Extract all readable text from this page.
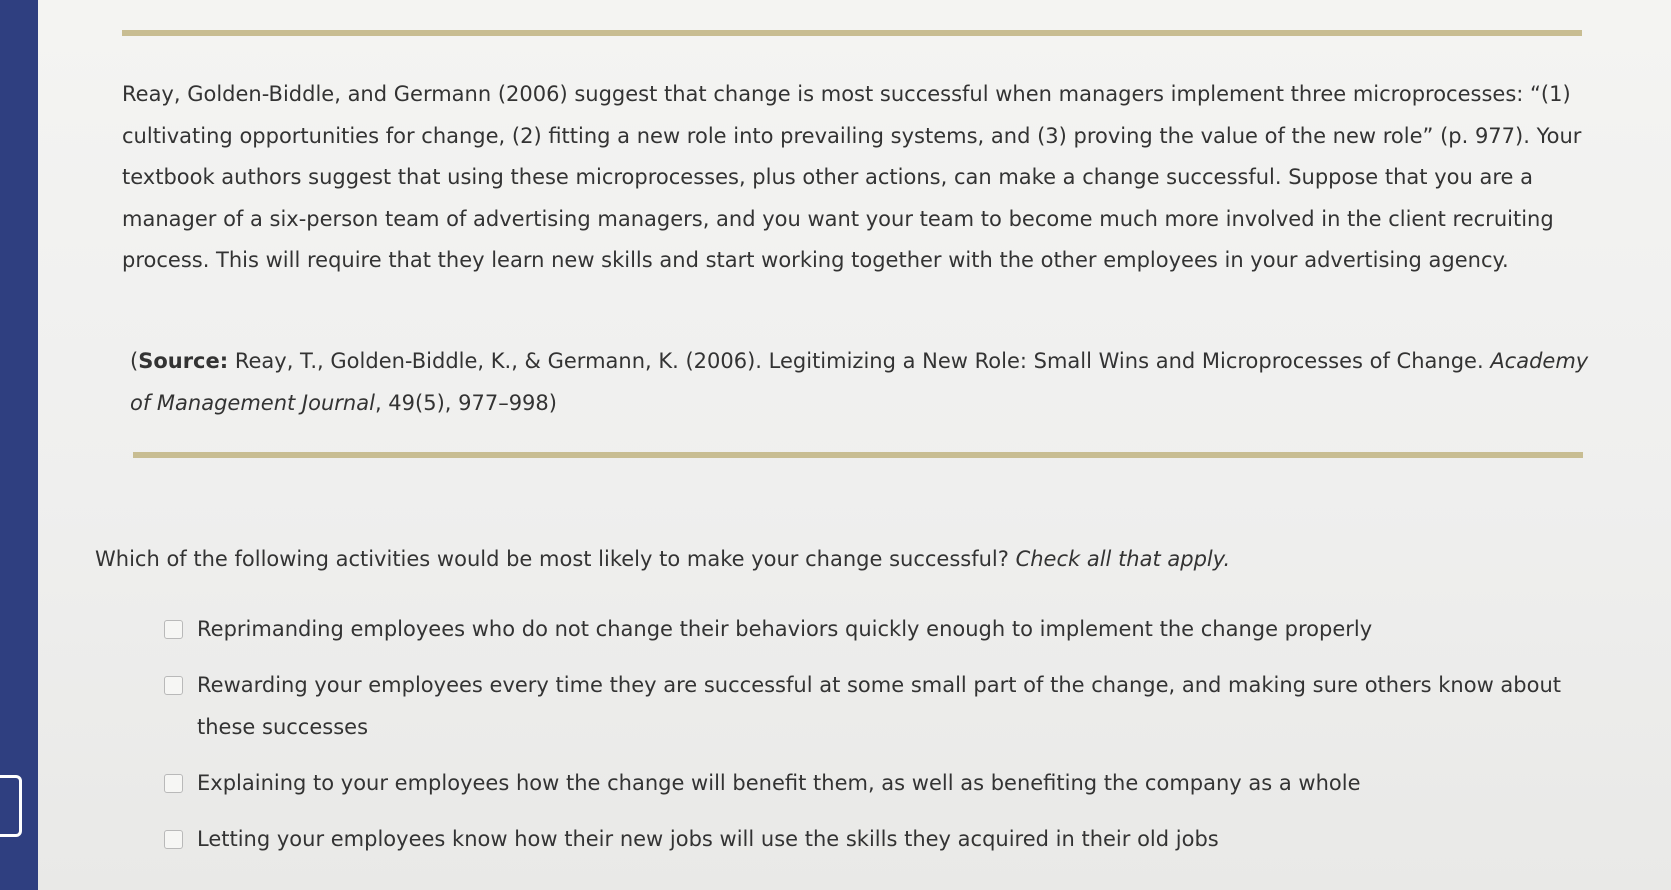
Reay, Golden-Biddle, and Germann (2006) suggest that change is most successful when managers implement three microprocesses: “(1) cultivating opportunities for change, (2) fitting a new role into prevailing systems, and (3) proving the value of the new role” (p. 977). Your textbook authors suggest that using these microprocesses, plus other actions, can make a change successful. Suppose that you are a manager of a six-person team of advertising managers, and you want your team to become much more involved in the client recruiting process. This will require that they learn new skills and start working together with the other employees in your advertising agency.

(Source: Reay, T., Golden-Biddle, K., & Germann, K. (2006). Legitimizing a New Role: Small Wins and Microprocesses of Change. Academy of Management Journal, 49(5), 977–998)
Which of the following activities would be most likely to make your change successful? Check all that apply.
Reprimanding employees who do not change their behaviors quickly enough to implement the change properly
Rewarding your employees every time they are successful at some small part of the change, and making sure others know about these successes
Explaining to your employees how the change will benefit them, as well as benefiting the company as a whole
Letting your employees know how their new jobs will use the skills they acquired in their old jobs
